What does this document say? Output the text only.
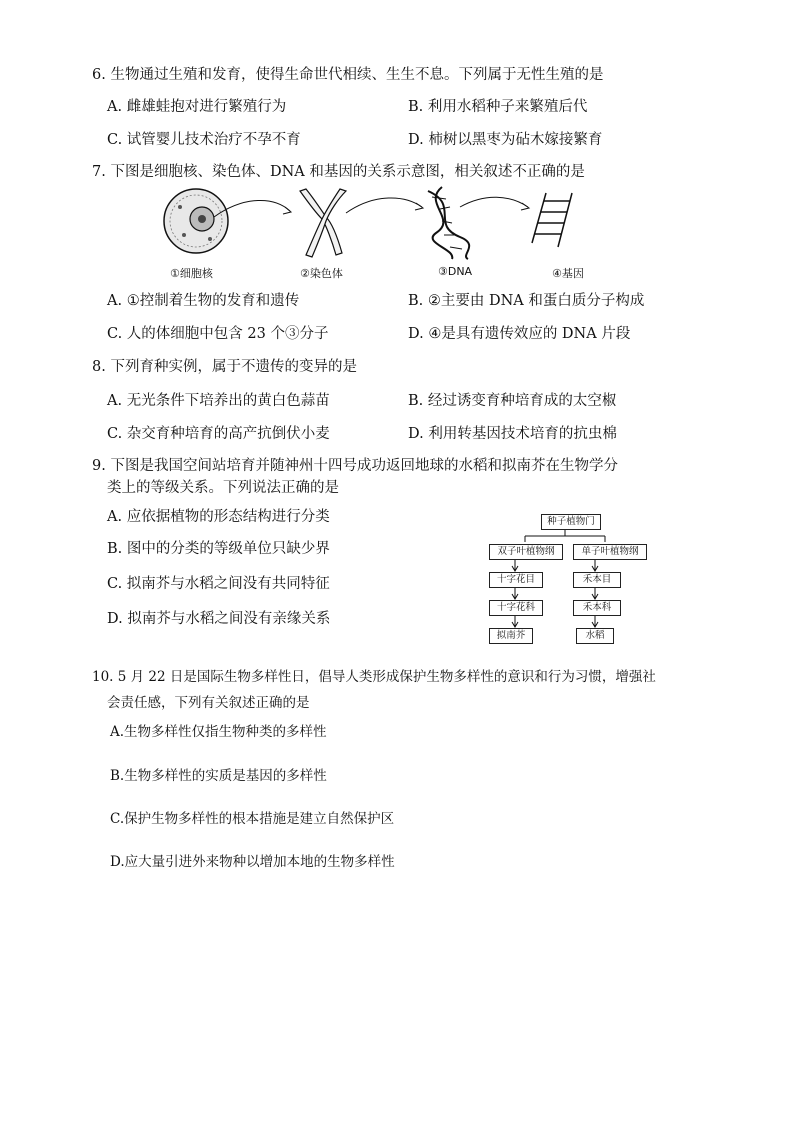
6. 生物通过生殖和发育，使得生命世代相续、生生不息。下列属于无性生殖的是
A. 雌雄蛙抱对进行繁殖行为	B. 利用水稻种子来繁殖后代
C. 试管婴儿技术治疗不孕不育	D. 柿树以黑枣为砧木嫁接繁育
7. 下图是细胞核、染色体、DNA 和基因的关系示意图，相关叙述不正确的是
①细胞核	②染色体	③DNA	④基因
A. ①控制着生物的发育和遗传	B. ②主要由 DNA 和蛋白质分子构成
C. 人的体细胞中包含 23 个③分子	D. ④是具有遗传效应的 DNA 片段
8. 下列育种实例，属于不遗传的变异的是
A. 无光条件下培养出的黄白色蒜苗	B. 经过诱变育种培育成的太空椒
C. 杂交育种培育的高产抗倒伏小麦	D. 利用转基因技术培育的抗虫棉
9. 下图是我国空间站培育并随神州十四号成功返回地球的水稻和拟南芥在生物学分
类上的等级关系。下列说法正确的是
A. 应依据植物的形态结构进行分类
B. 图中的分类的等级单位只缺少界
C. 拟南芥与水稻之间没有共同特征
D. 拟南芥与水稻之间没有亲缘关系
种子植物门
双子叶植物纲	单子叶植物纲
十字花目	禾本目
十字花科	禾本科
拟南芥	水稻
10. 5 月 22 日是国际生物多样性日，倡导人类形成保护生物多样性的意识和行为习惯，增强社
会责任感，下列有关叙述正确的是
A.生物多样性仅指生物种类的多样性
B.生物多样性的实质是基因的多样性
C.保护生物多样性的根本措施是建立自然保护区
D.应大量引进外来物种以增加本地的生物多样性
